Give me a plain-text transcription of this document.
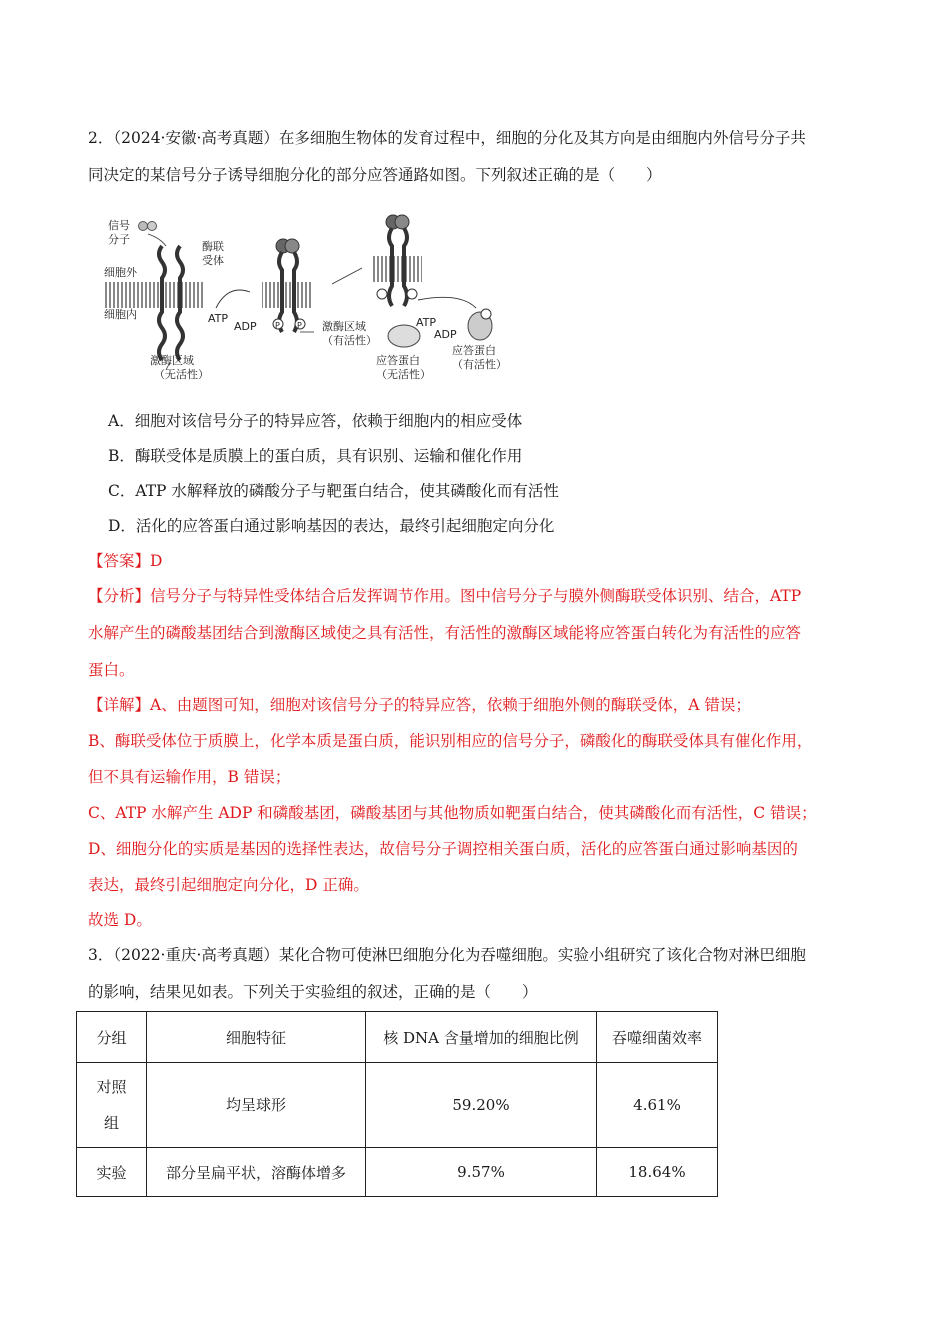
2．（2024·安徽·高考真题）在多细胞生物体的发育过程中，细胞的分化及其方向是由细胞内外信号分子共
同决定的某信号分子诱导细胞分化的部分应答通路如图。下列叙述正确的是（　　）
信号
分子
细胞外
细胞内
酶联
受体
激酶区域
（无活性）
ATP
ADP P P 激酶区域
（有活性）
ATP
ADP
应答蛋白
（无活性）
应答蛋白
（有活性）
A．细胞对该信号分子的特异应答，依赖于细胞内的相应受体
B．酶联受体是质膜上的蛋白质，具有识别、运输和催化作用
C．ATP 水解释放的磷酸分子与靶蛋白结合，使其磷酸化而有活性
D．活化的应答蛋白通过影响基因的表达，最终引起细胞定向分化
【答案】D
【分析】信号分子与特异性受体结合后发挥调节作用。图中信号分子与膜外侧酶联受体识别、结合，ATP
水解产生的磷酸基团结合到激酶区域使之具有活性，有活性的激酶区域能将应答蛋白转化为有活性的应答
蛋白。
【详解】A、由题图可知，细胞对该信号分子的特异应答，依赖于细胞外侧的酶联受体，A 错误；
B、酶联受体位于质膜上，化学本质是蛋白质，能识别相应的信号分子，磷酸化的酶联受体具有催化作用，
但不具有运输作用，B 错误；
C、ATP 水解产生 ADP 和磷酸基团，磷酸基团与其他物质如靶蛋白结合，使其磷酸化而有活性，C 错误；
D、细胞分化的实质是基因的选择性表达，故信号分子调控相关蛋白质，活化的应答蛋白通过影响基因的
表达，最终引起细胞定向分化，D 正确。
故选 D。
3．（2022·重庆·高考真题）某化合物可使淋巴细胞分化为吞噬细胞。实验小组研究了该化合物对淋巴细胞
的影响，结果见如表。下列关于实验组的叙述，正确的是（　　）
分组	细胞特征	核 DNA 含量增加的细胞比例	吞噬细菌效率
对照
组	均呈球形	59.20%	4.61%
实验	部分呈扁平状，溶酶体增多	9.57%	18.64%
